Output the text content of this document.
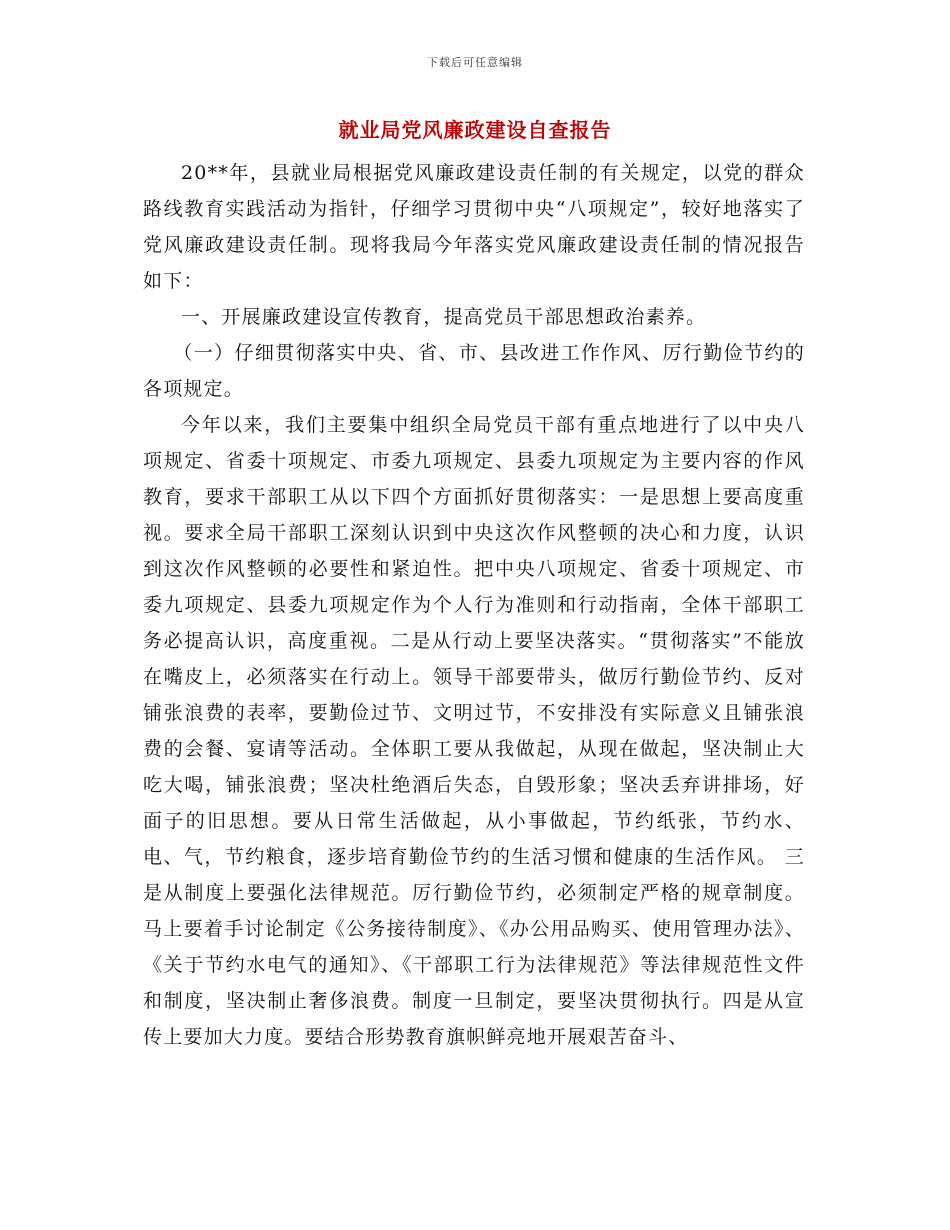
下载后可任意编辑
就业局党风廉政建设自查报告

20**年，县就业局根据党风廉政建设责任制的有关规定，以党的群众路线教育实践活动为指针，仔细学习贯彻中央“八项规定”，较好地落实了党风廉政建设责任制。现将我局今年落实党风廉政建设责任制的情况报告如下：

一、开展廉政建设宣传教育，提高党员干部思想政治素养。

（一）仔细贯彻落实中央、省、市、县改进工作作风、厉行勤俭节约的各项规定。

今年以来，我们主要集中组织全局党员干部有重点地进行了以中央八项规定、省委十项规定、市委九项规定、县委九项规定为主要内容的作风教育，要求干部职工从以下四个方面抓好贯彻落实：一是思想上要高度重视。要求全局干部职工深刻认识到中央这次作风整顿的决心和力度，认识到这次作风整顿的必要性和紧迫性。把中央八项规定、省委十项规定、市委九项规定、县委九项规定作为个人行为准则和行动指南，全体干部职工务必提高认识，高度重视。二是从行动上要坚决落实。“贯彻落实”不能放在嘴皮上，必须落实在行动上。领导干部要带头，做厉行勤俭节约、反对铺张浪费的表率，要勤俭过节、文明过节，不安排没有实际意义且铺张浪费的会餐、宴请等活动。全体职工要从我做起，从现在做起，坚决制止大吃大喝，铺张浪费；坚决杜绝酒后失态，自毁形象；坚决丢弃讲排场，好面子的旧思想。要从日常生活做起，从小事做起，节约纸张，节约水、电、气，节约粮食，逐步培育勤俭节约的生活习惯和健康的生活作风。 三是从制度上要强化法律规范。厉行勤俭节约，必须制定严格的规章制度。马上要着手讨论制定《公务接待制度》、《办公用品购买、使用管理办法》、《关于节约水电气的通知》、《干部职工行为法律规范》等法律规范性文件和制度，坚决制止奢侈浪费。制度一旦制定，要坚决贯彻执行。四是从宣传上要加大力度。要结合形势教育旗帜鲜亮地开展艰苦奋斗、
